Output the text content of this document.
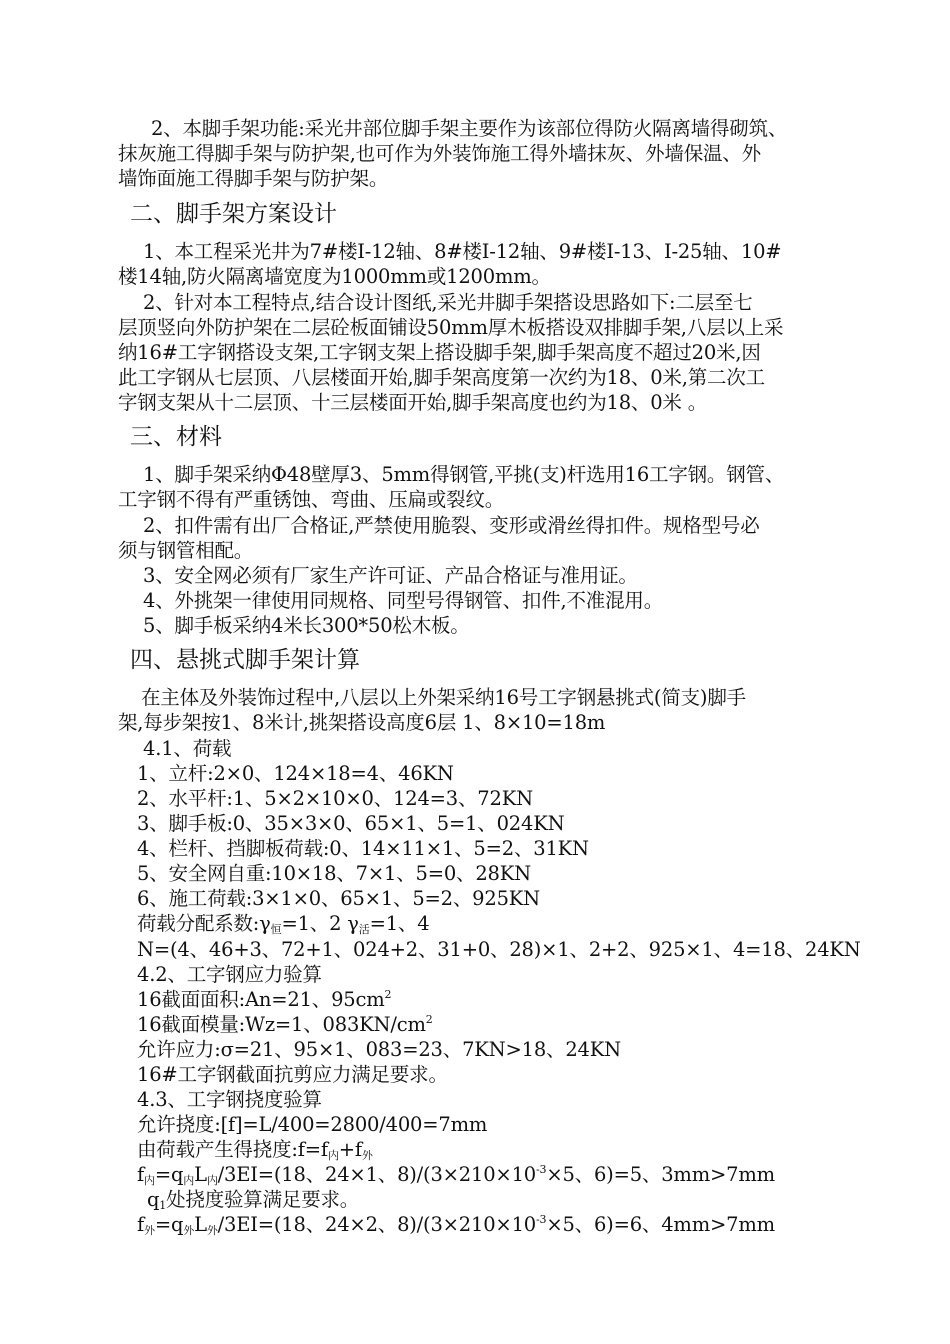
2、本脚手架功能:采光井部位脚手架主要作为该部位得防火隔离墙得砌筑、
抹灰施工得脚手架与防护架,也可作为外装饰施工得外墙抹灰、外墙保温、外
墙饰面施工得脚手架与防护架。
二、脚手架方案设计
1、本工程采光井为7#楼I-12轴、8#楼I-12轴、9#楼I-13、I-25轴、10#
楼14轴,防火隔离墙宽度为1000mm或1200mm。
2、针对本工程特点,结合设计图纸,采光井脚手架搭设思路如下:二层至七
层顶竖向外防护架在二层砼板面铺设50mm厚木板搭设双排脚手架,八层以上采
纳16#工字钢搭设支架,工字钢支架上搭设脚手架,脚手架高度不超过20米,因
此工字钢从七层顶、八层楼面开始,脚手架高度第一次约为18、0米,第二次工
字钢支架从十二层顶、十三层楼面开始,脚手架高度也约为18、0米 。
三、材料
1、脚手架采纳Φ48壁厚3、5mm得钢管,平挑(支)杆选用16工字钢。钢管、
工字钢不得有严重锈蚀、弯曲、压扁或裂纹。
2、扣件需有出厂合格证,严禁使用脆裂、变形或滑丝得扣件。规格型号必
须与钢管相配。
3、安全网必须有厂家生产许可证、产品合格证与准用证。
4、外挑架一律使用同规格、同型号得钢管、扣件,不准混用。
5、脚手板采纳4米长300*50松木板。
四、悬挑式脚手架计算
在主体及外装饰过程中,八层以上外架采纳16号工字钢悬挑式(简支)脚手
架,每步架按1、8米计,挑架搭设高度6层 1、8×10=18m
4.1、荷载
1、立杆:2×0、124×18=4、46KN
2、水平杆:1、5×2×10×0、124=3、72KN
3、脚手板:0、35×3×0、65×1、5=1、024KN
4、栏杆、挡脚板荷载:0、14×11×1、5=2、31KN
5、安全网自重:10×18、7×1、5=0、28KN
6、施工荷载:3×1×0、65×1、5=2、925KN
荷载分配系数$:\gamma_恒=1$、2 $\gamma_活=1$、4
N=(4、46+3、72+1、024+2、31+0、28)×1、2+2、925×1、4=18、24KN
4.2、工字钢应力验算
16截面面积:An=21、$95cm^2$
16截面模量:Wz=1、$083KN/cm^2$
允许应力:σ=21、95×1、083=23、7KN>18、24KN
16#工字钢截面抗剪应力满足要求。
4.3、工字钢挠度验算
允许挠度:[f]=L/400=2800/400=7mm
由荷载产生得挠度$:f=f_内+f_外$
$f_内=q_内L_内/3EI=(18$、24×1、$8)/(3\times 210\times 10^{-3}\times 5$、6)=5、3mm>7mm
$q_1$处挠度验算满足要求。
$f_外=q_外L_外/3EI=(18$、24×2、$8)/(3\times 210\times 10^{-3}\times 5$、6)=6、4mm>7mm
